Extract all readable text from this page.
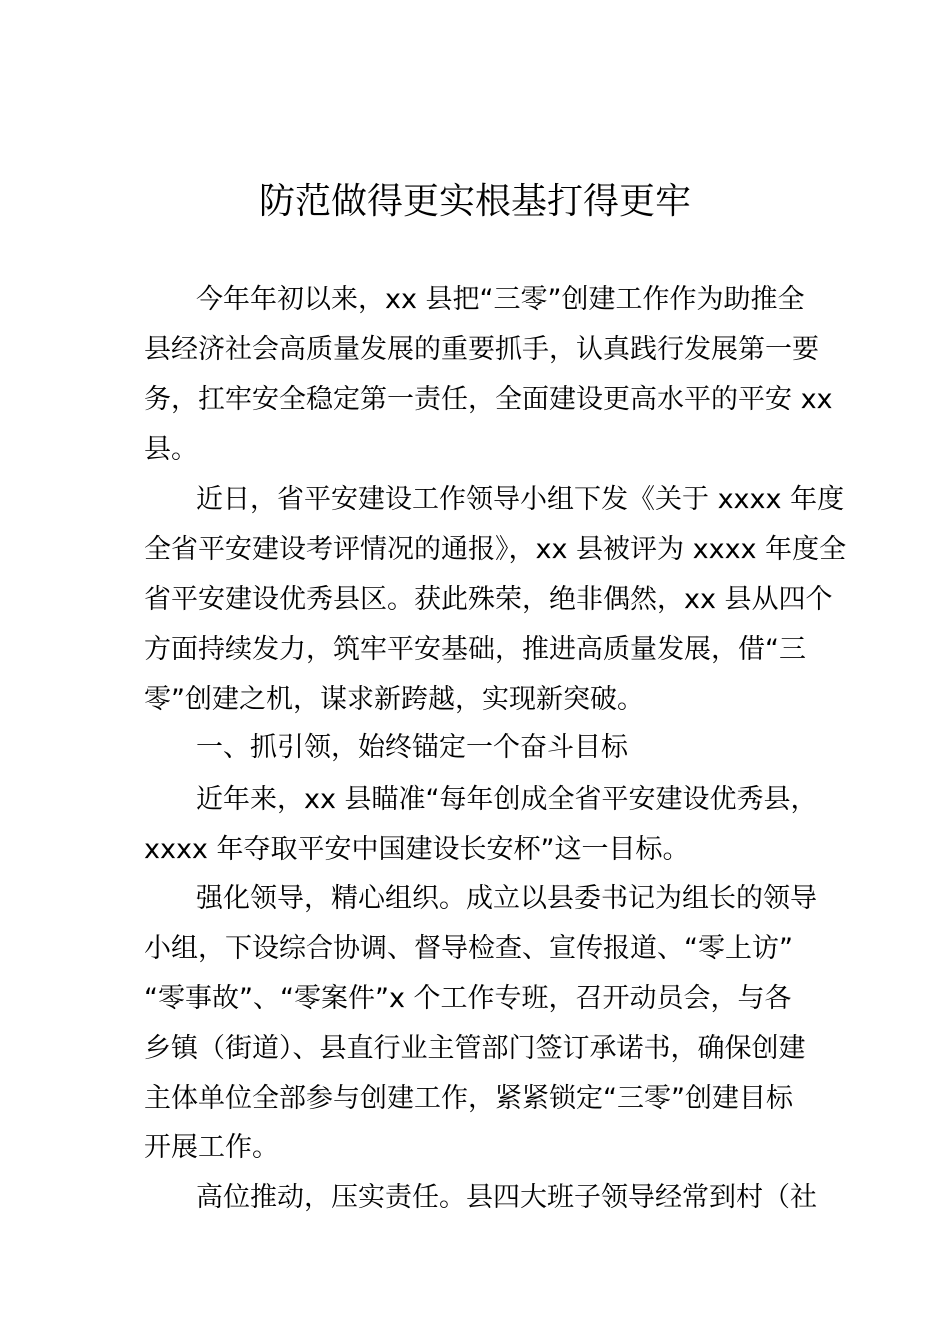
防范做得更实根基打得更牢
今年年初以来，xx 县把“三零”创建工作作为助推全
县经济社会高质量发展的重要抓手，认真践行发展第一要
务，扛牢安全稳定第一责任，全面建设更高水平的平安 xx
县。
近日，省平安建设工作领导小组下发《关于 xxxx 年度
全省平安建设考评情况的通报》，xx 县被评为 xxxx 年度全
省平安建设优秀县区。获此殊荣，绝非偶然，xx 县从四个
方面持续发力，筑牢平安基础，推进高质量发展，借“三
零”创建之机，谋求新跨越，实现新突破。
一、抓引领，始终锚定一个奋斗目标
近年来，xx 县瞄准“每年创成全省平安建设优秀县，
xxxx 年夺取平安中国建设长安杯”这一目标。
强化领导，精心组织。成立以县委书记为组长的领导
小组，下设综合协调、督导检查、宣传报道、“零上访”
“零事故”、“零案件”x 个工作专班，召开动员会，与各
乡镇（街道）、县直行业主管部门签订承诺书，确保创建
主体单位全部参与创建工作，紧紧锁定“三零”创建目标
开展工作。
高位推动，压实责任。县四大班子领导经常到村（社
